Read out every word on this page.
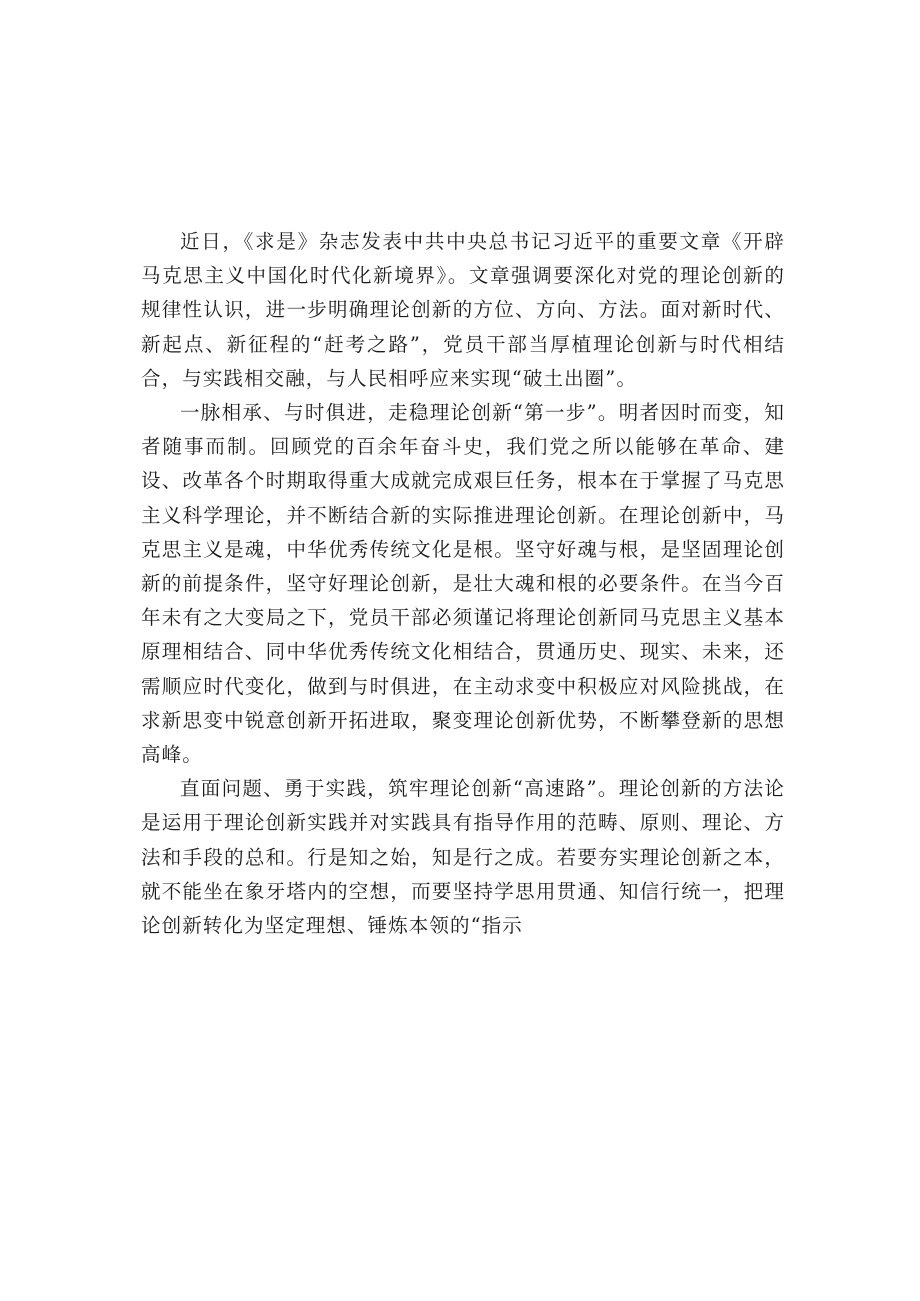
近日，《求是》杂志发表中共中央总书记习近平的重要文章《开辟马克思主义中国化时代化新境界》。文章强调要深化对党的理论创新的规律性认识，进一步明确理论创新的方位、方向、方法。面对新时代、新起点、新征程的“赶考之路”，党员干部当厚植理论创新与时代相结合，与实践相交融，与人民相呼应来实现“破土出圈”。

一脉相承、与时俱进，走稳理论创新“第一步”。明者因时而变，知者随事而制。回顾党的百余年奋斗史，我们党之所以能够在革命、建设、改革各个时期取得重大成就完成艰巨任务，根本在于掌握了马克思主义科学理论，并不断结合新的实际推进理论创新。在理论创新中，马克思主义是魂，中华优秀传统文化是根。坚守好魂与根，是坚固理论创新的前提条件，坚守好理论创新，是壮大魂和根的必要条件。在当今百年未有之大变局之下，党员干部必须谨记将理论创新同马克思主义基本原理相结合、同中华优秀传统文化相结合，贯通历史、现实、未来，还需顺应时代变化，做到与时俱进，在主动求变中积极应对风险挑战，在求新思变中锐意创新开拓进取，聚变理论创新优势，不断攀登新的思想高峰。

直面问题、勇于实践，筑牢理论创新“高速路”。理论创新的方法论是运用于理论创新实践并对实践具有指导作用的范畴、原则、理论、方法和手段的总和。行是知之始，知是行之成。若要夯实理论创新之本，就不能坐在象牙塔内的空想，而要坚持学思用贯通、知信行统一，把理论创新转化为坚定理想、锤炼本领的“指示
